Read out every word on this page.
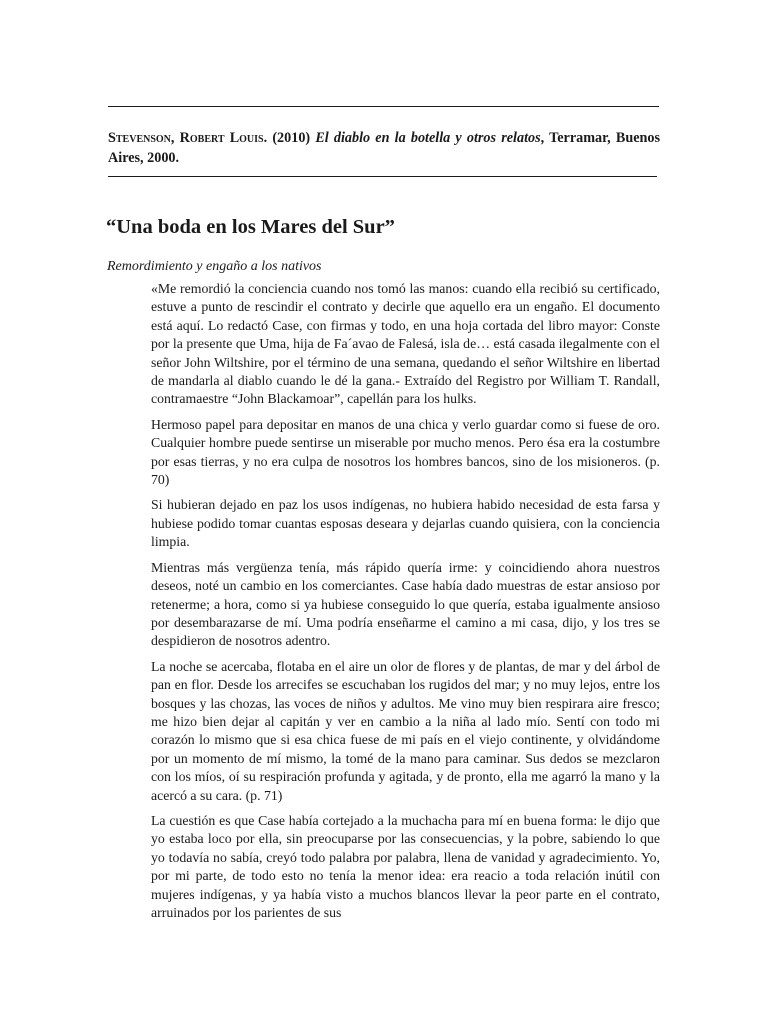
Stevenson, Robert Louis. (2010) El diablo en la botella y otros relatos, Terramar, Buenos Aires, 2000.
“Una boda en los Mares del Sur”

Remordimiento y engaño a los nativos

«Me remordió la conciencia cuando nos tomó las manos: cuando ella recibió su certificado, estuve a punto de rescindir el contrato y decirle que aquello era un engaño. El documento está aquí. Lo redactó Case, con firmas y todo, en una hoja cortada del libro mayor: Conste por la presente que Uma, hija de Fa´avao de Falesá, isla de… está casada ilegalmente con el señor John Wiltshire, por el término de una semana, quedando el señor Wiltshire en libertad de mandarla al diablo cuando le dé la gana.- Extraído del Registro por William T. Randall, contramaestre “John Blackamoar”, capellán para los hulks.

Hermoso papel para depositar en manos de una chica y verlo guardar como si fuese de oro. Cualquier hombre puede sentirse un miserable por mucho menos. Pero ésa era la costumbre por esas tierras, y no era culpa de nosotros los hombres bancos, sino de los misioneros. (p. 70)

Si hubieran dejado en paz los usos indígenas, no hubiera habido necesidad de esta farsa y hubiese podido tomar cuantas esposas deseara y dejarlas cuando quisiera, con la conciencia limpia.

Mientras más vergüenza tenía, más rápido quería irme: y coincidiendo ahora nuestros deseos, noté un cambio en los comerciantes. Case había dado muestras de estar ansioso por retenerme; a hora, como si ya hubiese conseguido lo que quería, estaba igualmente ansioso por desembarazarse de mí. Uma podría enseñarme el camino a mi casa, dijo, y los tres se despidieron de nosotros adentro.

La noche se acercaba, flotaba en el aire un olor de flores y de plantas, de mar y del árbol de pan en flor. Desde los arrecifes se escuchaban los rugidos del mar; y no muy lejos, entre los bosques y las chozas, las voces de niños y adultos. Me vino muy bien respirara aire fresco; me hizo bien dejar al capitán y ver en cambio a la niña al lado mío. Sentí con todo mi corazón lo mismo que si esa chica fuese de mi país en el viejo continente, y olvidándome por un momento de mí mismo, la tomé de la mano para caminar. Sus dedos se mezclaron con los míos, oí su respiración profunda y agitada, y de pronto, ella me agarró la mano y la acercó a su cara. (p. 71)

La cuestión es que Case había cortejado a la muchacha para mí en buena forma: le dijo que yo estaba loco por ella, sin preocuparse por las consecuencias, y la pobre, sabiendo lo que yo todavía no sabía, creyó todo palabra por palabra, llena de vanidad y agradecimiento. Yo, por mi parte, de todo esto no tenía la menor idea: era reacio a toda relación inútil con mujeres indígenas, y ya había visto a muchos blancos llevar la peor parte en el contrato, arruinados por los parientes de sus
